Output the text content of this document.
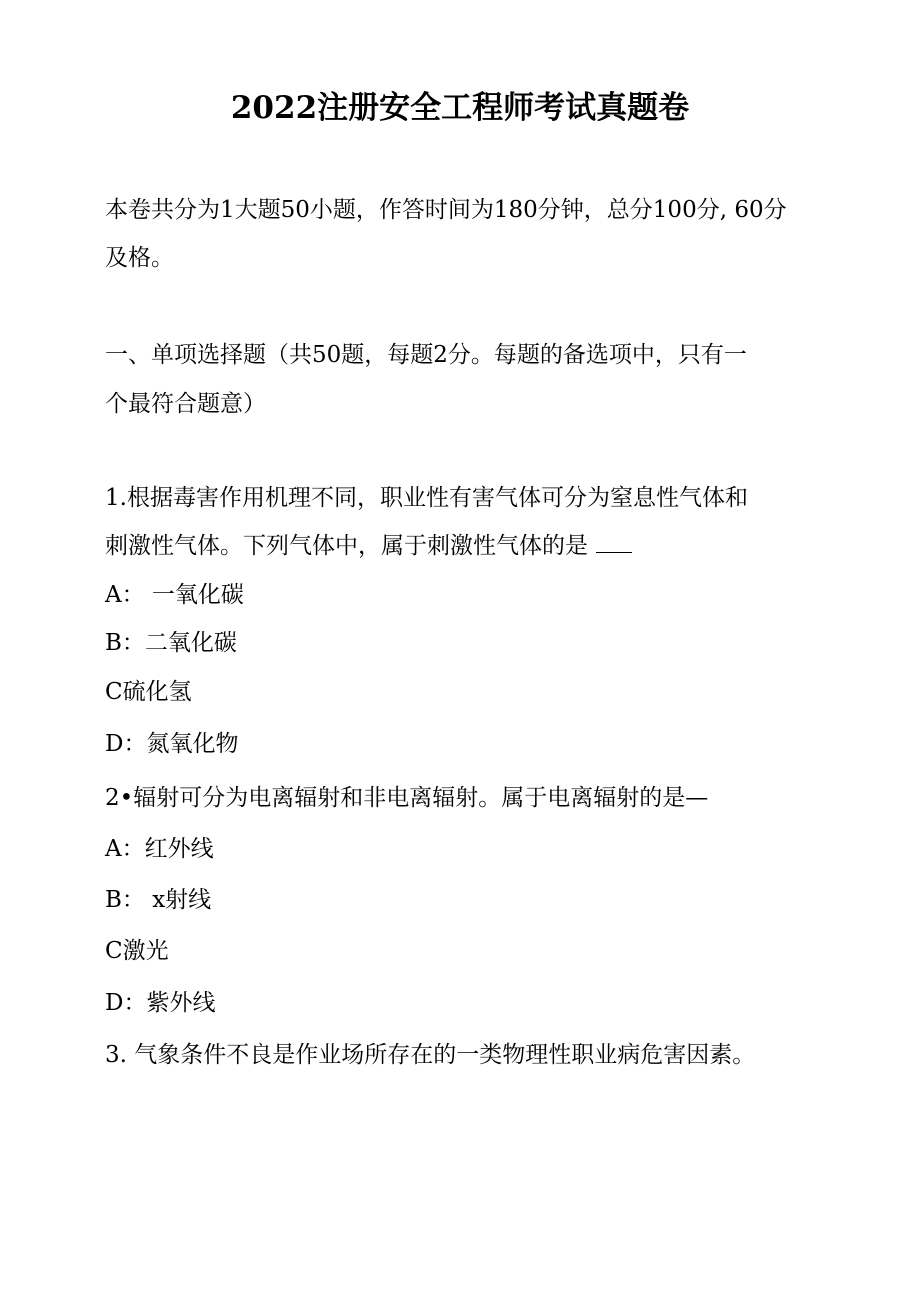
2022注册安全工程师考试真题卷
本卷共分为1大题50小题，作答时间为180分钟，总分100分, 60分
及格。
一、单项选择题（共50题，每题2分。每题的备选项中，只有一
个最符合题意）
1.根据毒害作用机理不同，职业性有害气体可分为窒息性气体和
刺激性气体。下列气体中，属于刺激性气体的是
A： 一氧化碳
B：二氧化碳
C硫化氢
D：氮氧化物
2•辐射可分为电离辐射和非电离辐射。属于电离辐射的是—
A：红外线
B： x射线
C激光
D：紫外线
3. 气象条件不良是作业场所存在的一类物理性职业病危害因素。
